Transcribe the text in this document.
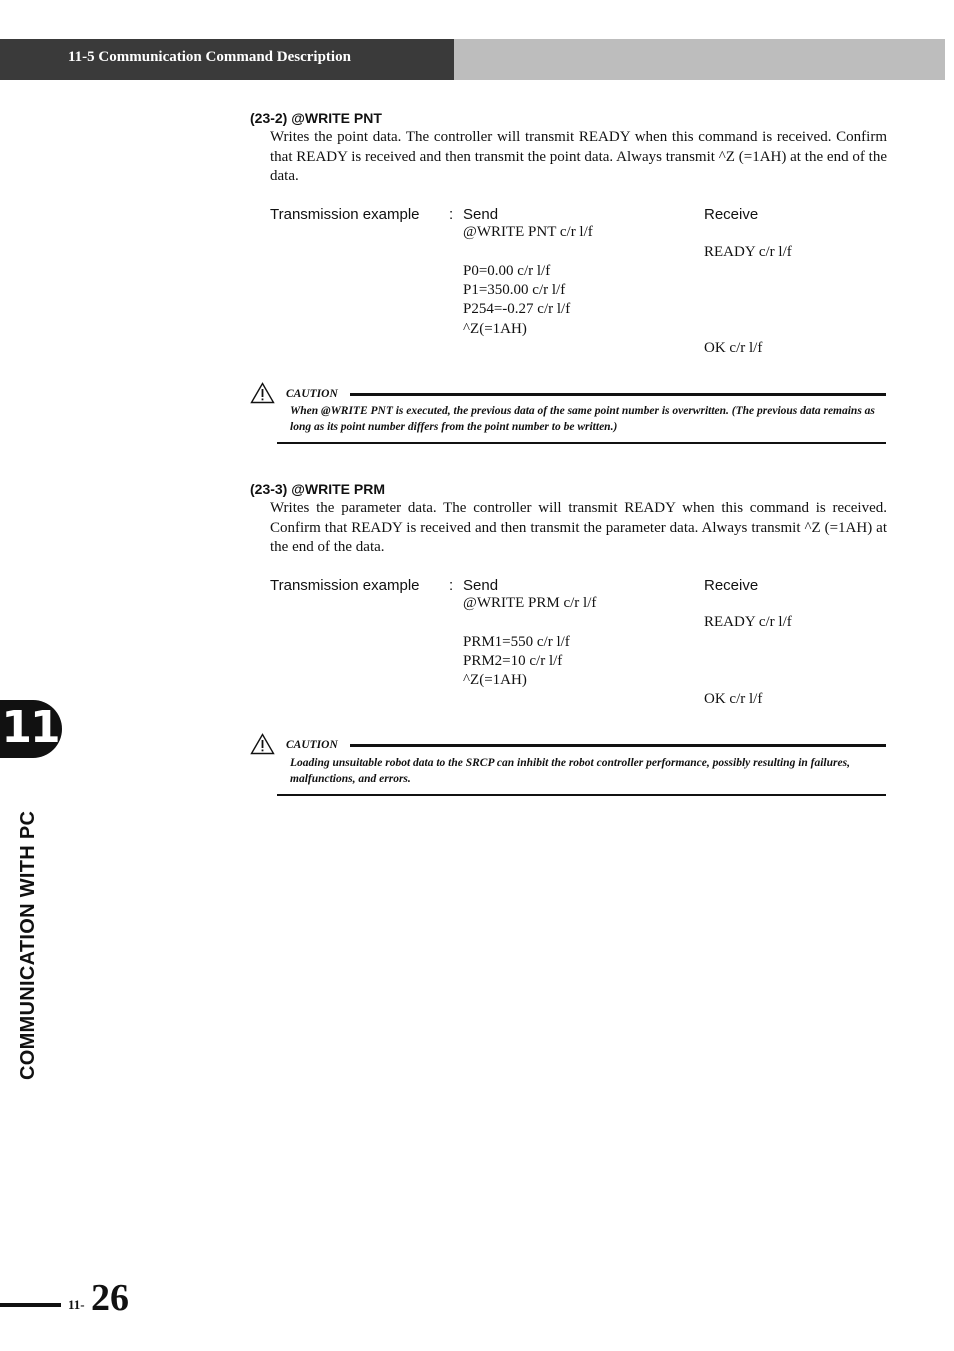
11-5 Communication Command Description
(23-2) @WRITE PNT
Writes the point data. The controller will transmit READY when this command is received. Confirm that READY is received and then transmit the point data. Always transmit ^Z (=1AH) at the end of the data.
Transmission example : Send	Receive
@WRITE PNT c/r l/f
READY c/r l/f
P0=0.00 c/r l/f
P1=350.00 c/r l/f
P254=-0.27 c/r l/f
^Z(=1AH)
OK c/r l/f
CAUTION
When @WRITE PNT is executed, the previous data of the same point number is overwritten. (The previous data remains as long as its point number differs from the point number to be written.)
(23-3) @WRITE PRM
Writes the parameter data. The controller will transmit READY when this command is received. Confirm that READY is received and then transmit the parameter data. Always transmit ^Z (=1AH) at the end of the data.
Transmission example : Send	Receive
@WRITE PRM c/r l/f
READY c/r l/f
PRM1=550 c/r l/f
PRM2=10 c/r l/f
^Z(=1AH)
OK c/r l/f
CAUTION
Loading unsuitable robot data to the SRCP can inhibit the robot controller performance, possibly resulting in failures, malfunctions, and errors.
11
COMMUNICATION WITH PC
11- 26
